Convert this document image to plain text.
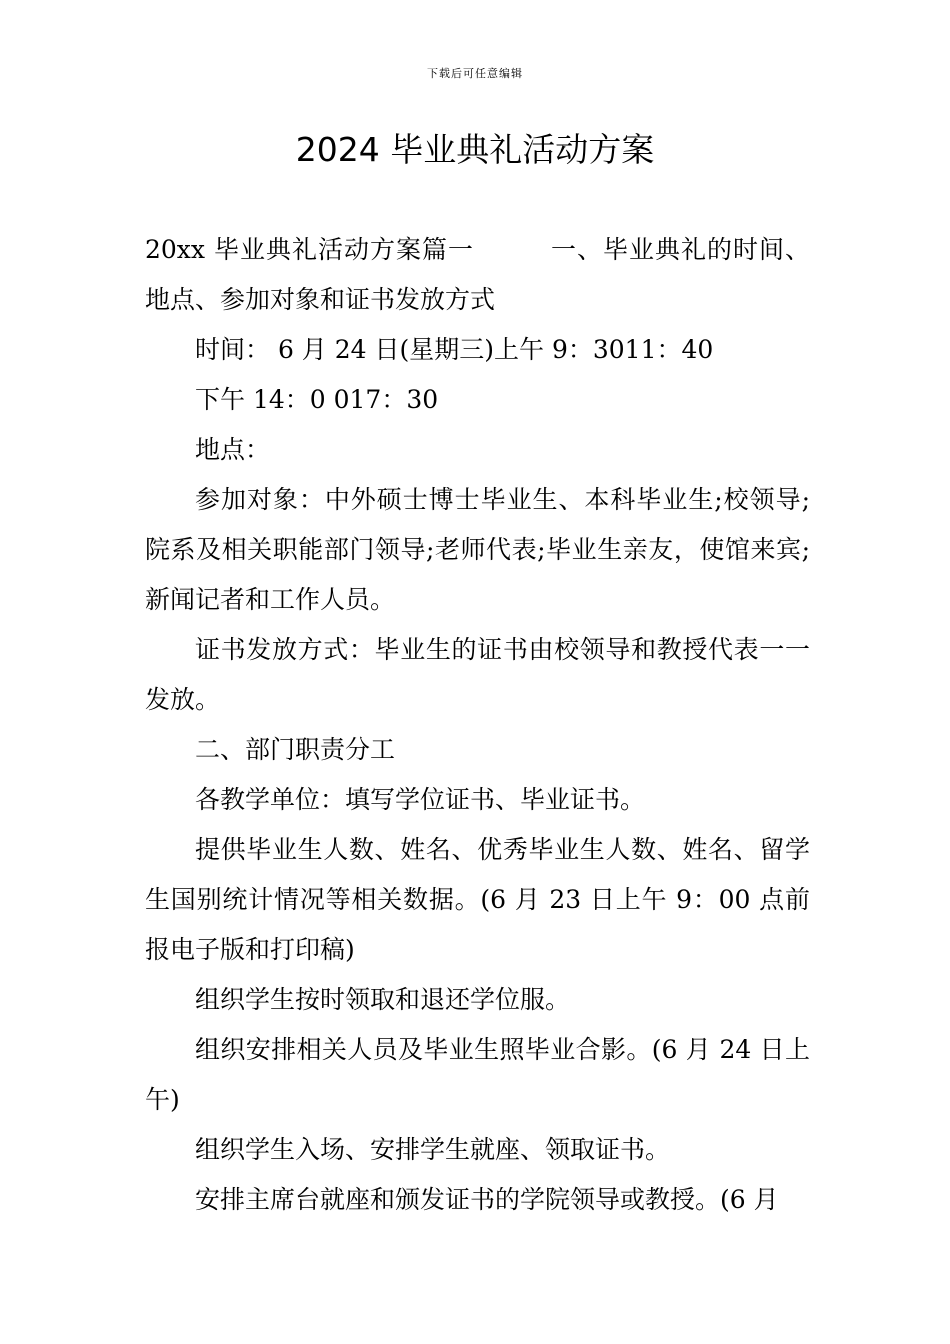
下载后可任意编辑
2024 毕业典礼活动方案

20xx 毕业典礼活动方案篇一	一、毕业典礼的时间、地点、参加对象和证书发放方式

时间： 6 月 24 日(星期三)上午 9：3011：40

下午 14：0 017：30

地点：

参加对象：中外硕士博士毕业生、本科毕业生;校领导;院系及相关职能部门领导;老师代表;毕业生亲友，使馆来宾;新闻记者和工作人员。

证书发放方式：毕业生的证书由校领导和教授代表一一发放。

二、部门职责分工

各教学单位：填写学位证书、毕业证书。

提供毕业生人数、姓名、优秀毕业生人数、姓名、留学生国别统计情况等相关数据。(6 月 23 日上午 9：00 点前报电子版和打印稿)

组织学生按时领取和退还学位服。

组织安排相关人员及毕业生照毕业合影。(6 月 24 日上午)

组织学生入场、安排学生就座、领取证书。

安排主席台就座和颁发证书的学院领导或教授。(6 月
